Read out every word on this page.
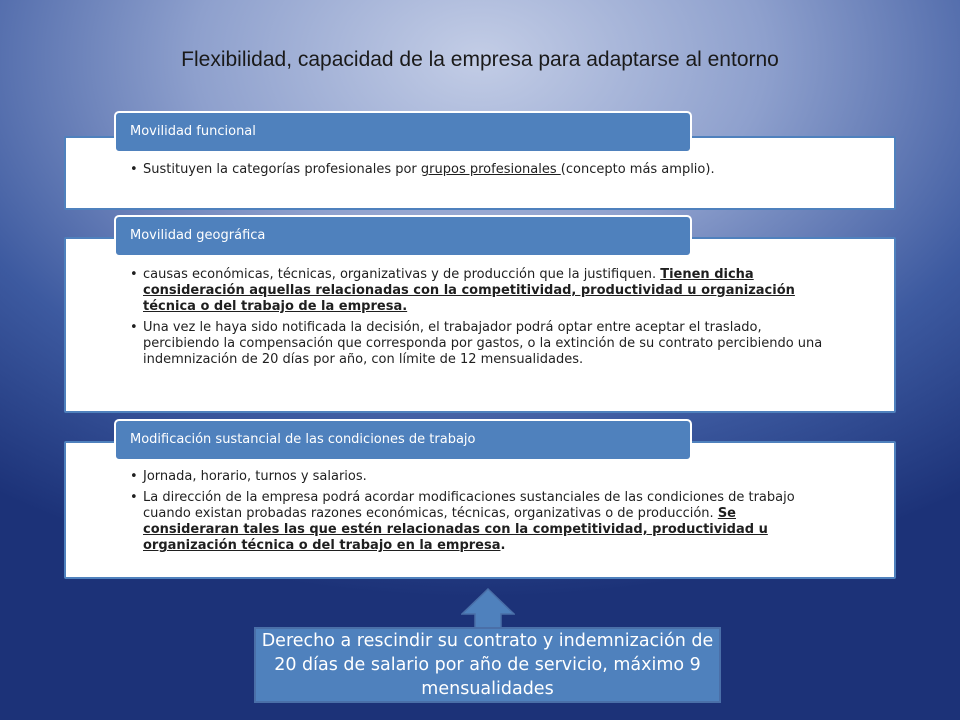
Flexibilidad, capacidad de la empresa para adaptarse al entorno
• Sustituyen la categorías profesionales por grupos profesionales (concepto más amplio).
Movilidad funcional
• causas económicas, técnicas, organizativas y de producción que la justifiquen. Tienen dicha consideración aquellas relacionadas con la competitividad, productividad u organización técnica o del trabajo de la empresa.
• Una vez le haya sido notificada la decisión, el trabajador podrá optar entre aceptar el traslado, percibiendo la compensación que corresponda por gastos, o la extinción de su contrato percibiendo una indemnización de 20 días por año, con límite de 12 mensualidades.
Movilidad geográfica
• Jornada, horario, turnos y salarios.
• La dirección de la empresa podrá acordar modificaciones sustanciales de las condiciones de trabajo cuando existan probadas razones económicas, técnicas, organizativas o de producción. Se consideraran tales las que estén relacionadas con la competitividad, productividad u organización técnica o del trabajo en la empresa.
Modificación sustancial de las condiciones de trabajo
Derecho a rescindir su contrato y indemnización de 20 días de salario por año de servicio, máximo 9 mensualidades
